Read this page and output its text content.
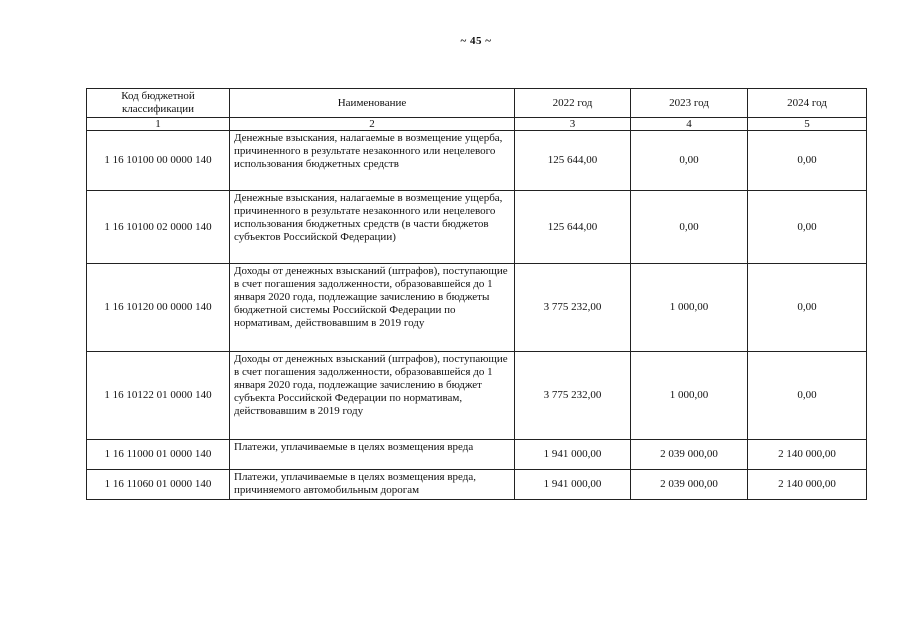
~ 45 ~
Код бюджетной классификации	Наименование	2022 год	2023 год	2024 год
1	2	3	4	5
1 16 10100 00 0000 140	Денежные взыскания, налагаемые в возмещение ущерба, причиненного в результате незаконного или нецелевого использования бюджетных средств	125 644,00	0,00	0,00
1 16 10100 02 0000 140	Денежные взыскания, налагаемые в возмещение ущерба, причиненного в результате незаконного или нецелевого использования бюджетных средств (в части бюджетов субъектов Российской Федерации)	125 644,00	0,00	0,00
1 16 10120 00 0000 140	Доходы от денежных взысканий (штрафов), поступающие в счет погашения задолженности, образовавшейся до 1 января 2020 года, подлежащие зачислению в бюджеты бюджетной системы Российской Федерации по нормативам, действовавшим в 2019 году	3 775 232,00	1 000,00	0,00
1 16 10122 01 0000 140	Доходы от денежных взысканий (штрафов), поступающие в счет погашения задолженности, образовавшейся до 1 января 2020 года, подлежащие зачислению в бюджет субъекта Российской Федерации по нормативам, действовавшим в 2019 году	3 775 232,00	1 000,00	0,00
1 16 11000 01 0000 140	Платежи, уплачиваемые в целях возмещения вреда	1 941 000,00	2 039 000,00	2 140 000,00
1 16 11060 01 0000 140	Платежи, уплачиваемые в целях возмещения вреда, причиняемого автомобильным дорогам	1 941 000,00	2 039 000,00	2 140 000,00
